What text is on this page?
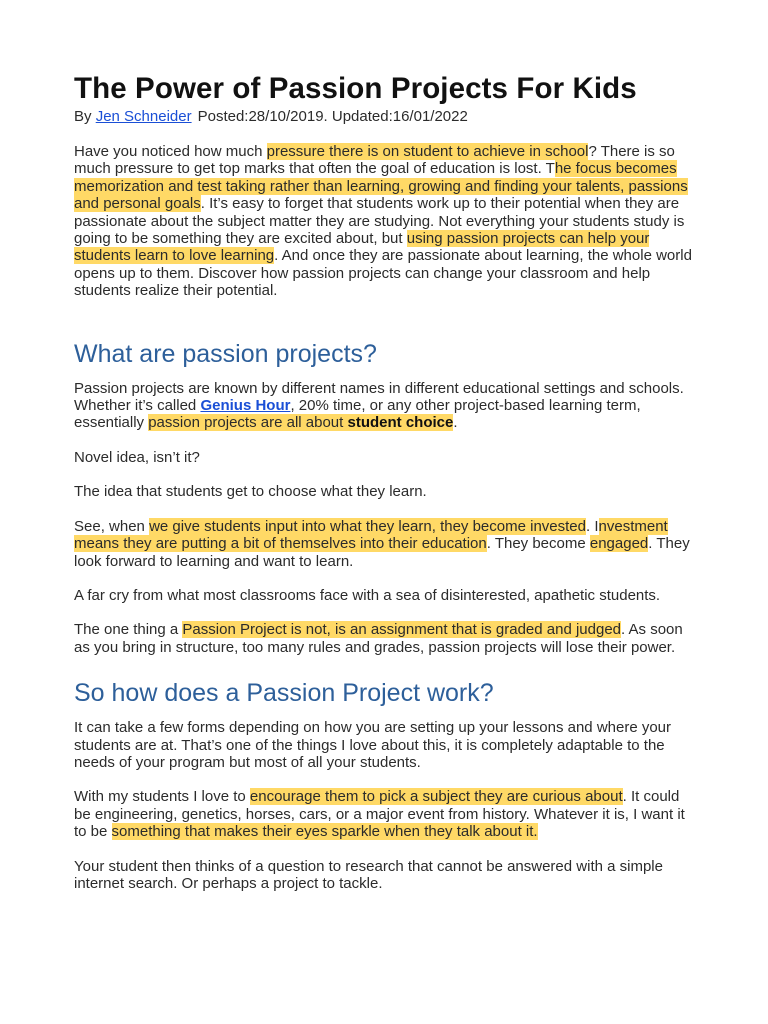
The Power of Passion Projects For Kids
By Jen Schneider Posted:28/10/2019. Updated:16/01/2022

Have you noticed how much pressure there is on student to achieve in school? There is so much pressure to get top marks that often the goal of education is lost. The focus becomes memorization and test taking rather than learning, growing and finding your talents, passions and personal goals. It’s easy to forget that students work up to their potential when they are passionate about the subject matter they are studying. Not everything your students study is going to be something they are excited about, but using passion projects can help your students learn to love learning. And once they are passionate about learning, the whole world opens up to them. Discover how passion projects can change your classroom and help students realize their potential.

What are passion projects?

Passion projects are known by different names in different educational settings and schools. Whether it’s called Genius Hour, 20% time, or any other project-based learning term, essentially passion projects are all about student choice.

Novel idea, isn’t it?

The idea that students get to choose what they learn.

See, when we give students input into what they learn, they become invested. Investment means they are putting a bit of themselves into their education. They become engaged. They look forward to learning and want to learn.

A far cry from what most classrooms face with a sea of disinterested, apathetic students.

The one thing a Passion Project is not, is an assignment that is graded and judged. As soon as you bring in structure, too many rules and grades, passion projects will lose their power.

So how does a Passion Project work?

It can take a few forms depending on how you are setting up your lessons and where your students are at. That’s one of the things I love about this, it is completely adaptable to the needs of your program but most of all your students.

With my students I love to encourage them to pick a subject they are curious about. It could be engineering, genetics, horses, cars, or a major event from history. Whatever it is, I want it to be something that makes their eyes sparkle when they talk about it.

Your student then thinks of a question to research that cannot be answered with a simple internet search. Or perhaps a project to tackle.
